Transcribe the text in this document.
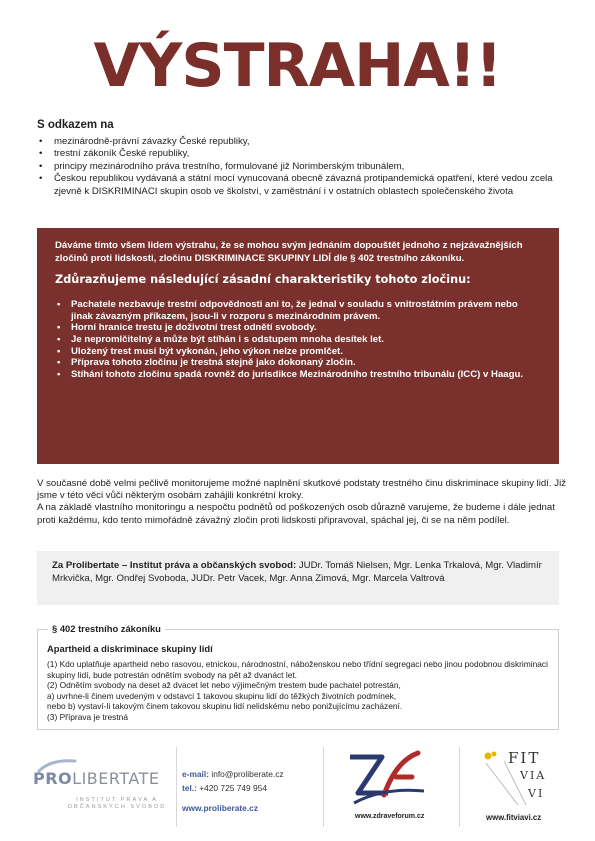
VÝSTRAHA!!
S odkazem na
• mezinárodně-právní závazky České republiky,
• trestní zákoník České republiky,
• principy mezinárodního práva trestního, formulované již Norimberským tribunálem,
• Českou republikou vydávaná a státní mocí vynucovaná obecně závazná protipandemická opatření, které vedou zcela zjevně k DISKRIMINACI skupin osob ve školství, v zaměstnání i v ostatních oblastech společenského života
Dáváme tímto všem lidem výstrahu, že se mohou svým jednáním dopouštět jednoho z nejzávažnějších zločinů proti lidskosti, zločinu DISKRIMINACE SKUPINY LIDÍ dle § 402 trestního zákoníku.
Zdůrazňujeme následující zásadní charakteristiky tohoto zločinu:
• Pachatele nezbavuje trestní odpovědnosti ani to, že jednal v souladu s vnitrostátním právem nebo jinak závazným příkazem, jsou-li v rozporu s mezinárodním právem.
• Horní hranice trestu je doživotní trest odnětí svobody.
• Je nepromlčitelný a může být stíhán i s odstupem mnoha desítek let.
• Uložený trest musí být vykonán, jeho výkon nelze promlčet.
• Příprava tohoto zločinu je trestná stejně jako dokonaný zločin.
• Stíhání tohoto zločinu spadá rovněž do jurisdikce Mezinárodního trestního tribunálu (ICC) v Haagu.
V současné době velmi pečlivě monitorujeme možné naplnění skutkové podstaty trestného činu diskriminace skupiny lidí. Již jsme v této věci vůči některým osobám zahájili konkrétní kroky.
A na základě vlastního monitoringu a nespočtu podnětů od poškozených osob důrazně varujeme, že budeme i dále jednat proti každému, kdo tento mimořádně závažný zločin proti lidskosti připravoval, spáchal jej, či se na něm podílel.
Za Prolibertate – Institut práva a občanských svobod: JUDr. Tomáš Nielsen, Mgr. Lenka Trkalová, Mgr. Vladimír Mrkvička, Mgr. Ondřej Svoboda, JUDr. Petr Vacek, Mgr. Anna Zimová, Mgr. Marcela Valtrová
§ 402 trestního zákoníku
Apartheid a diskriminace skupiny lidí
(1) Kdo uplatňuje apartheid nebo rasovou, etnickou, národnostní, náboženskou nebo třídní segregaci nebo jinou podobnou diskriminaci skupiny lidí, bude potrestán odnětím svobody na pět až dvanáct let.
(2) Odnětím svobody na deset až dvacet let nebo výjimečným trestem bude pachatel potrestán,
a) uvrhne-li činem uvedeným v odstavci 1 takovou skupinu lidí do těžkých životních podmínek,
nebo b) vystaví-li takovým činem takovou skupinu lidí nelidskému nebo ponižujícímu zacházení.
(3) Příprava je trestná
PROLIBERTATE
INSTITUT PRÁVA A OBČANSKÝCH SVOBOD
e-mail: info@proliberate.cz
tel.: +420 725 749 954
www.proliberate.cz
www.zdraveforum.cz
FIT
VIA
VI
www.fitviavi.cz
